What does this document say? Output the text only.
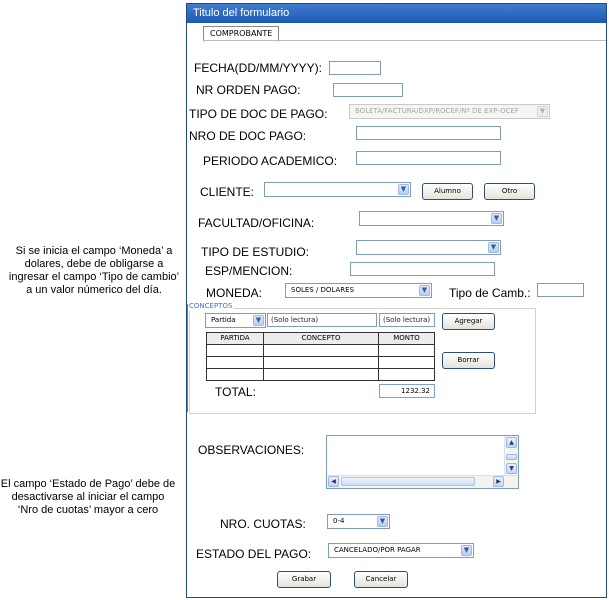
Si se inicia el campo ‘Moneda’ a dolares, debe de obligarse a ingresar el campo ‘Tipo de cambio’ a un valor númerico del día.
El campo ‘Estado de Pago’ debe de desactivarse al iniciar el campo ‘Nro de cuotas’ mayor a cero
Titulo del formulario
COMPROBANTE
FECHA(DD/MM/YYYY):
NR ORDEN PAGO:
TIPO DE DOC DE PAGO:	BOLETA/FACTURA/DXP/ROCEF/Nº DE EXP-OCEF	▼
NRO DE DOC PAGO:
PERIODO ACADEMICO:
CLIENTE:	▼	Alumno	Otro
FACULTAD/OFICINA:	▼
TIPO DE ESTUDIO:	▼
ESP/MENCION:
MONEDA:	SOLES / DOLARES	▼ Tipo de Camb.:
CONCEPTOS
Partida	▼	(Solo lectura)	(Solo lectura)	Agregar
PARTIDA	CONCEPTO	MONTO

Borrar
TOTAL:	1232.32
OBSERVACIONES:
▲
▼
◀	▶
NRO. CUOTAS:	0-4	▼
ESTADO DEL PAGO:	CANCELADO/POR PAGAR	▼
Grabar	Cancelar
